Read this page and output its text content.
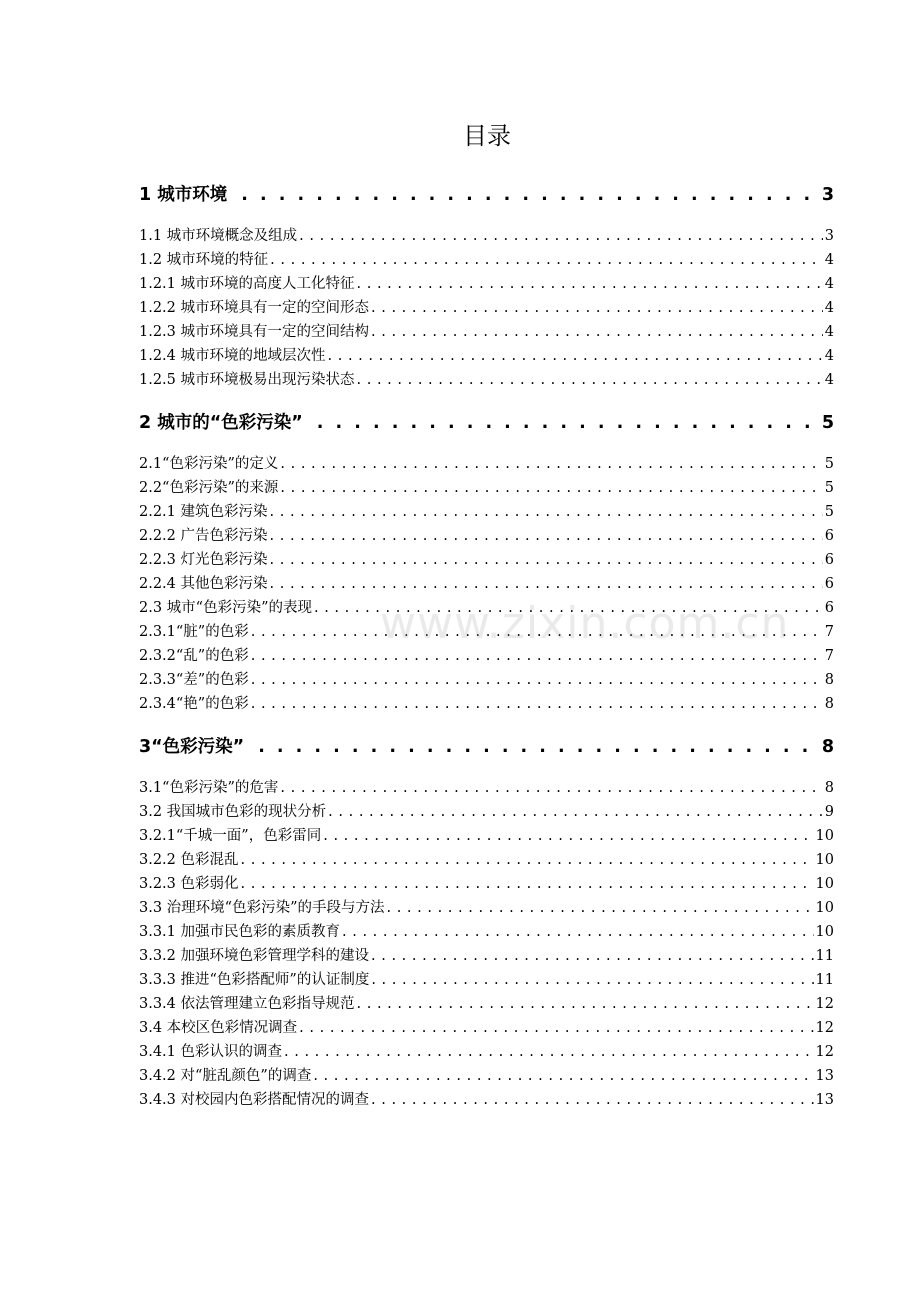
目录
1 城市环境 . . .	3
1.1 城市环境概念及组成 . . .	3
1.2 城市环境的特征 . . .	4
1.2.1 城市环境的高度人工化特征 . . .	4
1.2.2 城市环境具有一定的空间形态 . . .	4
1.2.3 城市环境具有一定的空间结构 . . .	4
1.2.4 城市环境的地域层次性 . . .	4
1.2.5 城市环境极易出现污染状态 . . .	4
2 城市的“色彩污染” . . .	5
2.1“色彩污染”的定义 . . .	5
2.2“色彩污染”的来源 . . .	5
2.2.1 建筑色彩污染 . . .	5
2.2.2 广告色彩污染 . . .	6
2.2.3 灯光色彩污染 . . .	6
2.2.4 其他色彩污染 . . .	6
2.3 城市“色彩污染”的表现 . . .	6
2.3.1“脏”的色彩 . . .	7
2.3.2“乱”的色彩 . . .	7
2.3.3“差”的色彩 . . .	8
2.3.4“艳”的色彩 . . .	8
3“色彩污染” . . .	8
3.1“色彩污染”的危害 . . .	8
3.2 我国城市色彩的现状分析 . . .	9
3.2.1“千城一面”，色彩雷同 . . .	10
3.2.2 色彩混乱 . . .	10
3.2.3 色彩弱化 . . .	10
3.3 治理环境“色彩污染”的手段与方法 . . .	10
3.3.1 加强市民色彩的素质教育 . . .	10
3.3.2 加强环境色彩管理学科的建设 . . .	11
3.3.3 推进“色彩搭配师”的认证制度 . . .	11
3.3.4 依法管理建立色彩指导规范 . . .	12
3.4 本校区色彩情况调查 . . .	12
3.4.1 色彩认识的调查 . . .	12
3.4.2 对“脏乱颜色”的调查 . . .	13
3.4.3 对校园内色彩搭配情况的调查 . . .	13
www.zixin.com.cn
